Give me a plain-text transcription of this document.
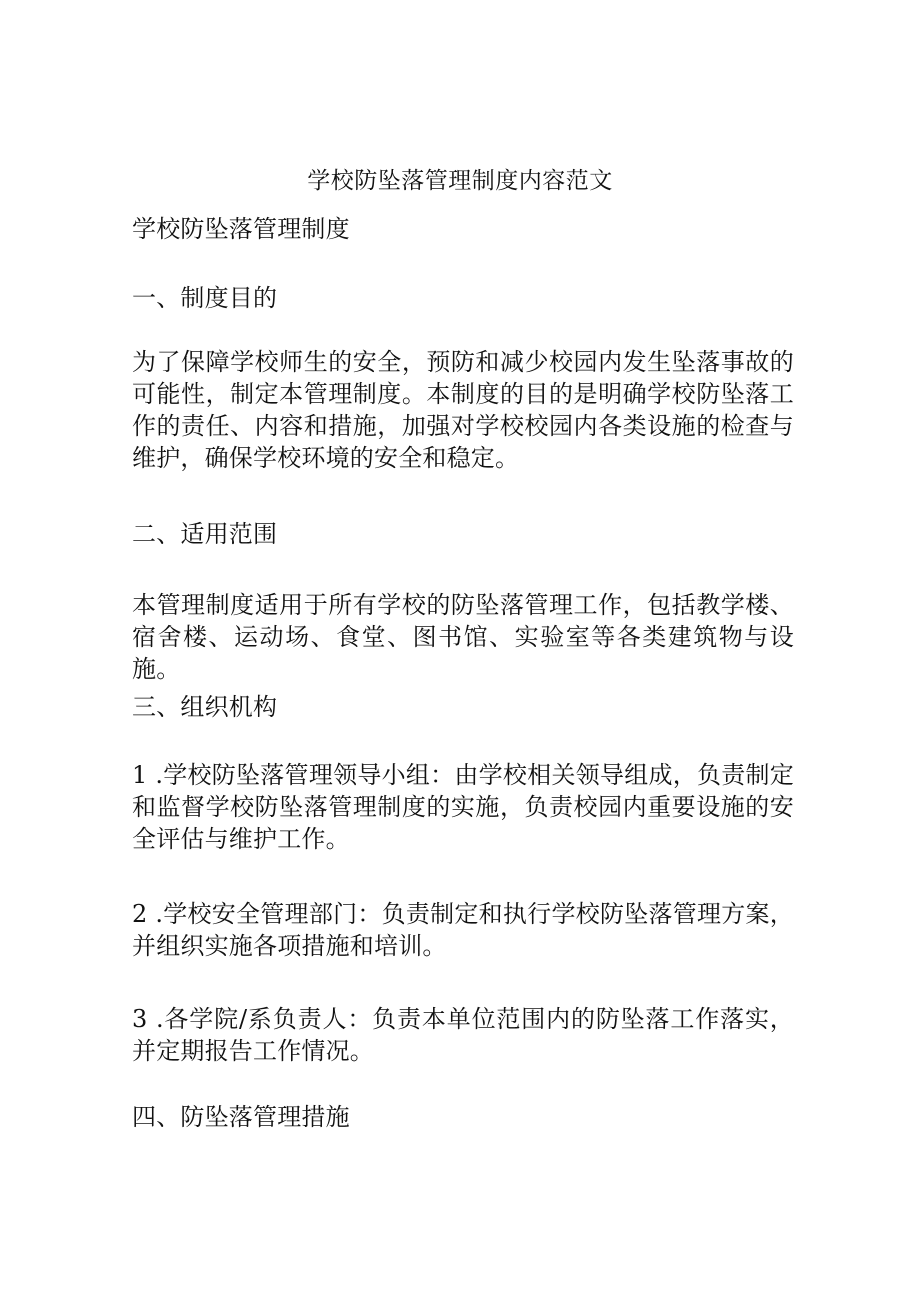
学校防坠落管理制度内容范文

学校防坠落管理制度

一、制度目的

为了保障学校师生的安全，预防和减少校园内发生坠落事故的可能性，制定本管理制度。本制度的目的是明确学校防坠落工作的责任、内容和措施，加强对学校校园内各类设施的检查与维护，确保学校环境的安全和稳定。

二、适用范围

本管理制度适用于所有学校的防坠落管理工作，包括教学楼、宿舍楼、运动场、食堂、图书馆、实验室等各类建筑物与设施。

三、组织机构

1 .学校防坠落管理领导小组：由学校相关领导组成，负责制定和监督学校防坠落管理制度的实施，负责校园内重要设施的安全评估与维护工作。

2 .学校安全管理部门：负责制定和执行学校防坠落管理方案，并组织实施各项措施和培训。

3 .各学院/系负责人：负责本单位范围内的防坠落工作落实，并定期报告工作情况。

四、防坠落管理措施
